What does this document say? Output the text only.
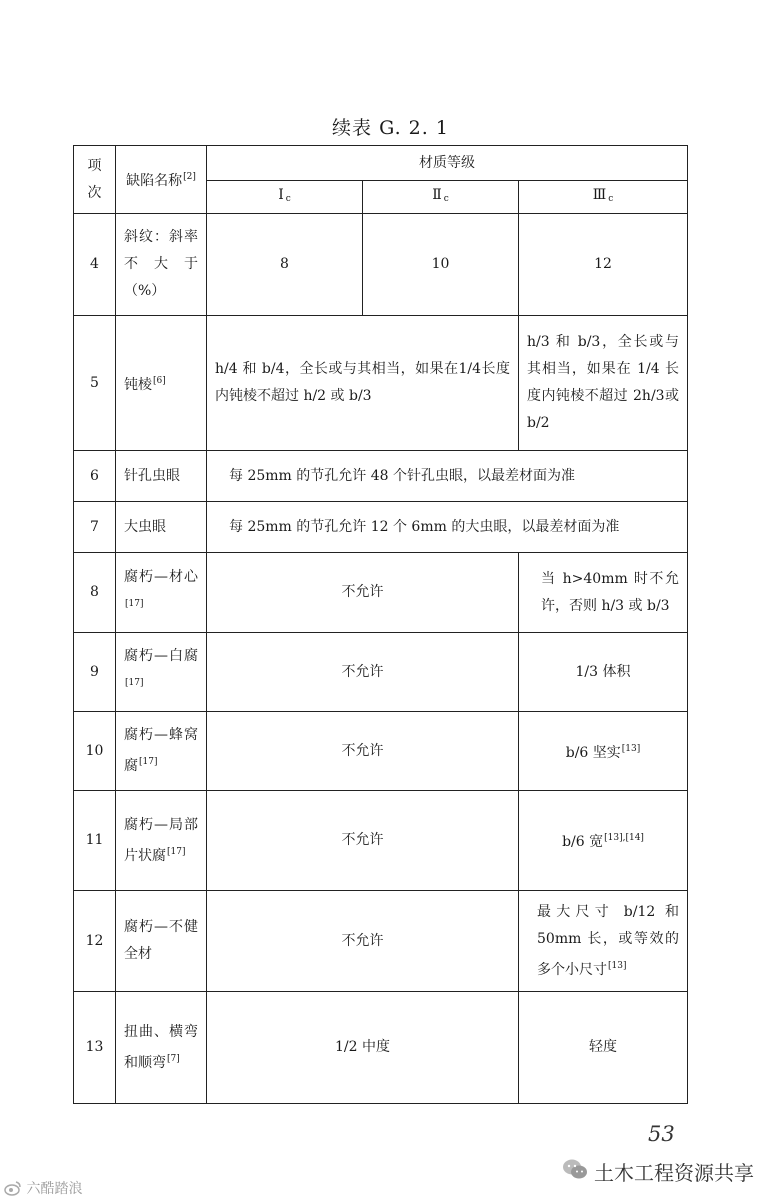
续表 G. 2. 1
项次	缺陷名称[2]	材质等级		
		Ⅰ $_c$	Ⅱ $_c$	Ⅲ $_c$
4	斜纹：斜率不大于（%）	8	10	12
5	钝棱[6]	h/4 和 b/4，全长或与其相当，如果在1/4长度内钝棱不超过 h/2 或 b/3		h/3 和 b/3，全长或与其相当，如果在 1/4 长度内钝棱不超过 2h/3或 b/2
6	针孔虫眼	每 25mm 的节孔允许 48 个针孔虫眼，以最差材面为准		
7	大虫眼	每 25mm 的节孔允许 12 个 6mm 的大虫眼，以最差材面为准		
8	腐朽—材心[17]	不允许		当 h>40mm 时不允许，否则 h/3 或 b/3
9	腐朽—白腐[17]	不允许		1/3 体积
10	腐朽—蜂窝腐[17]	不允许		b/6 坚实[13]
11	腐朽—局部片状腐[17]	不允许		b/6 宽[13],[14]
12	腐朽—不健全材	不允许		最大尺寸 b/12 和 50mm 长，或等效的多个小尺寸[13]
13	扭曲、横弯和顺弯[7]	1/2 中度		轻度
53
六酷踏浪
土木工程资源共享
